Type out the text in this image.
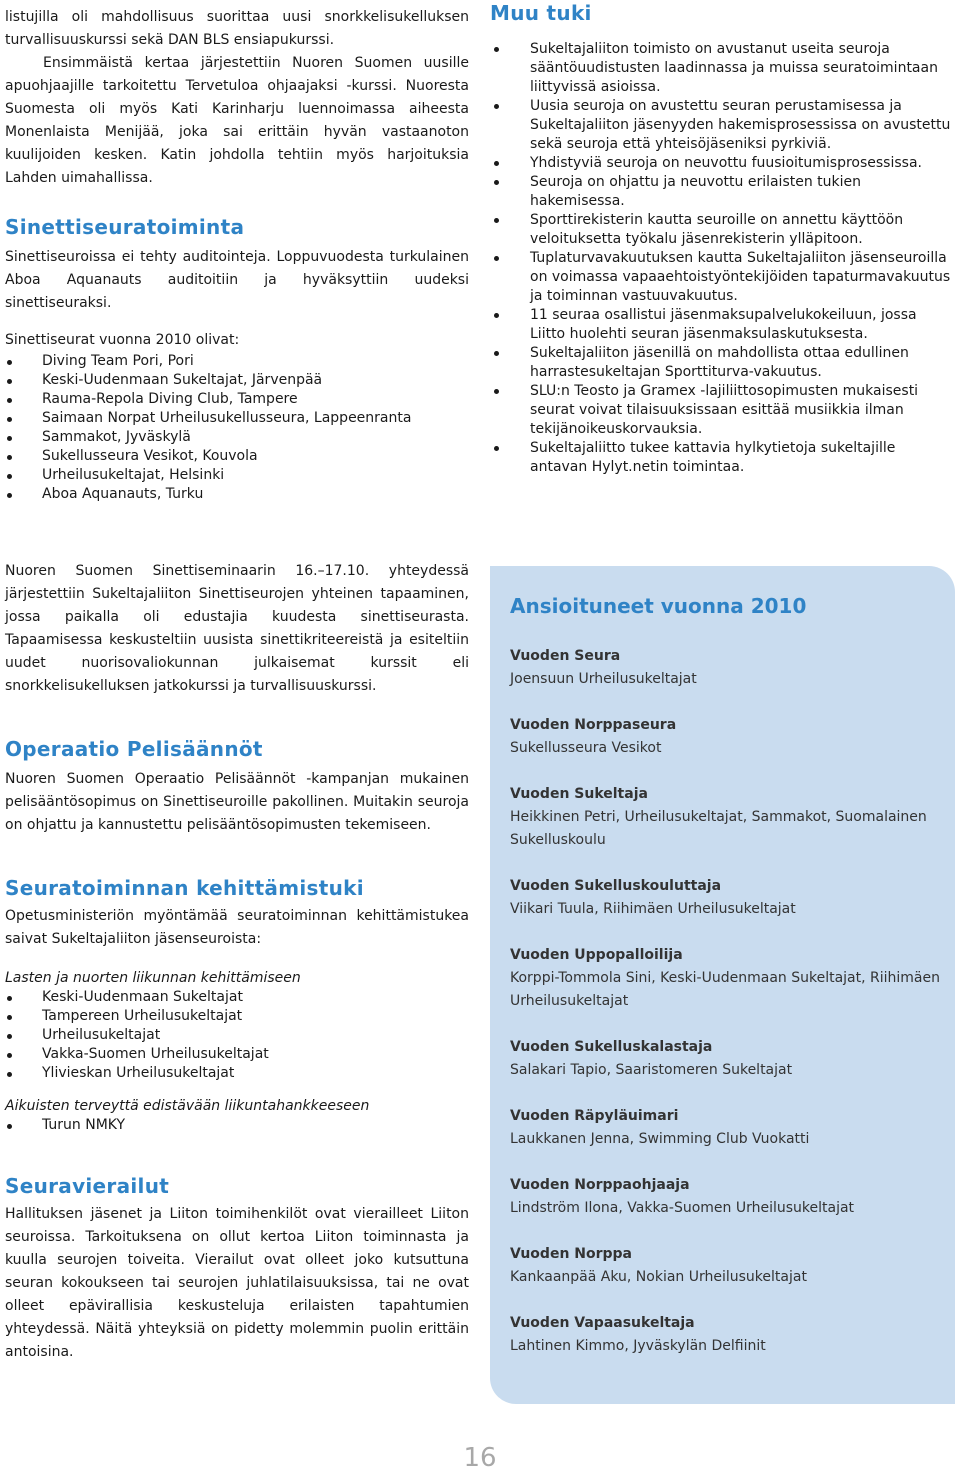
listujilla oli mahdollisuus suorittaa uusi snorkkelisukelluksen turvallisuuskurssi sekä DAN BLS ensiapukurssi.

Ensimmäistä kertaa järjestettiin Nuoren Suomen uusille apuohjaajille tarkoitettu Tervetuloa ohjaajaksi -kurssi. Nuoresta Suomesta oli myös Kati Karinharju luennoimassa aiheesta Monenlaista Menijää, joka sai erittäin hyvän vastaanoton kuulijoiden kesken. Katin johdolla tehtiin myös harjoituksia Lahden uimahallissa.

Sinettiseuratoiminta

Sinettiseuroissa ei tehty auditointeja. Loppuvuodesta turkulainen Aboa Aquanauts auditoitiin ja hyväksyttiin uudeksi sinettiseuraksi.

Sinettiseurat vuonna 2010 olivat:

Diving Team Pori, Pori
Keski-Uudenmaan Sukeltajat, Järvenpää
Rauma-Repola Diving Club, Tampere
Saimaan Norpat Urheilusukellusseura, Lappeenranta
Sammakot, Jyväskylä
Sukellusseura Vesikot, Kouvola
Urheilusukeltajat, Helsinki
Aboa Aquanauts, Turku
Muu tuki
Sukeltajaliiton toimisto on avustanut useita seuroja sääntöuudistusten laadinnassa ja muissa seuratoimintaan liittyvissä asioissa.
Uusia seuroja on avustettu seuran perustamisessa ja Sukeltajaliiton jäsenyyden hakemisprosessissa on avustettu sekä seuroja että yhteisöjäseniksi pyrkiviä.
Yhdistyviä seuroja on neuvottu fuusioitumisprosessissa.
Seuroja on ohjattu ja neuvottu erilaisten tukien hakemisessa.
Sporttirekisterin kautta seuroille on annettu käyttöön veloituksetta työkalu jäsenrekisterin ylläpitoon.
Tuplaturvavakuutuksen kautta Sukeltajaliiton jäsenseuroilla on voimassa vapaaehtoistyöntekijöiden tapaturmavakuutus ja toiminnan vastuuvakuutus.
11 seuraa osallistui jäsenmaksupalvelukokeiluun, jossa Liitto huolehti seuran jäsenmaksulaskutuksesta.
Sukeltajaliiton jäsenillä on mahdollista ottaa edullinen harrastesukeltajan Sporttiturva-vakuutus.
SLU:n Teosto ja Gramex -lajiliittosopimusten mukaisesti seurat voivat tilaisuuksissaan esittää musiikkia ilman tekijänoikeuskorvauksia.
Sukeltajaliitto tukee kattavia hylkytietoja sukeltajille antavan Hylyt.netin toimintaa.

Nuoren Suomen Sinettiseminaarin 16.–17.10. yhteydessä järjestettiin Sukeltajaliiton Sinettiseurojen yhteinen tapaaminen, jossa paikalla oli edustajia kuudesta sinettiseurasta. Tapaamisessa keskusteltiin uusista sinettikriteereistä ja esiteltiin uudet nuorisovaliokunnan julkaisemat kurssit eli snorkkelisukelluksen jatkokurssi ja turvallisuuskurssi.

Operaatio Pelisäännöt

Nuoren Suomen Operaatio Pelisäännöt -kampanjan mukainen pelisääntösopimus on Sinettiseuroille pakollinen. Muitakin seuroja on ohjattu ja kannustettu pelisääntösopimusten tekemiseen.

Seuratoiminnan kehittämistuki

Opetusministeriön myöntämää seuratoiminnan kehittämistukea saivat Sukeltajaliiton jäsenseuroista:

Lasten ja nuorten liikunnan kehittämiseen

Keski-Uudenmaan Sukeltajat
Tampereen Urheilusukeltajat
Urheilusukeltajat
Vakka-Suomen Urheilusukeltajat
Ylivieskan Urheilusukeltajat

Aikuisten terveyttä edistävään liikuntahankkeeseen

Turun NMKY
Seuravierailut

Hallituksen jäsenet ja Liiton toimihenkilöt ovat vierailleet Liiton seuroissa. Tarkoituksena on ollut kertoa Liiton toiminnasta ja kuulla seurojen toiveita. Vierailut ovat olleet joko kutsuttuna seuran kokoukseen tai seurojen juhlatilaisuuksissa, tai ne ovat olleet epävirallisia keskusteluja erilaisten tapahtumien yhteydessä. Näitä yhteyksiä on pidetty molemmin puolin erittäin antoisina.

Ansioituneet vuonna 2010
Vuoden Seura
Joensuun Urheilusukeltajat
Vuoden Norppaseura
Sukellusseura Vesikot
Vuoden Sukeltaja
Heikkinen Petri, Urheilusukeltajat, Sammakot, Suomalainen Sukelluskoulu
Vuoden Sukelluskouluttaja
Viikari Tuula, Riihimäen Urheilusukeltajat
Vuoden Uppopalloilija
Korppi-Tommola Sini, Keski-Uudenmaan Sukeltajat, Riihimäen Urheilusukeltajat
Vuoden Sukelluskalastaja
Salakari Tapio, Saaristomeren Sukeltajat
Vuoden Räpyläuimari
Laukkanen Jenna, Swimming Club Vuokatti
Vuoden Norppaohjaaja
Lindström Ilona, Vakka-Suomen Urheilusukeltajat
Vuoden Norppa
Kankaanpää Aku, Nokian Urheilusukeltajat
Vuoden Vapaasukeltaja
Lahtinen Kimmo, Jyväskylän Delfiinit
16
